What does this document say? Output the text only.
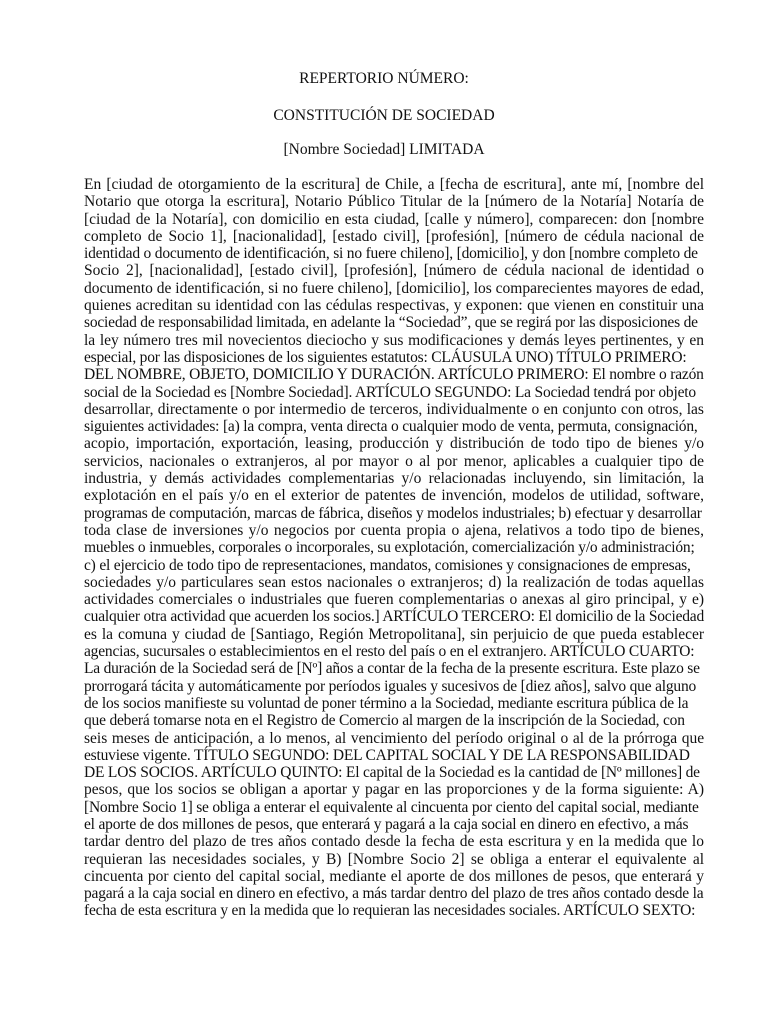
REPERTORIO NÚMERO:

CONSTITUCIÓN DE SOCIEDAD

[Nombre Sociedad] LIMITADA

En [ciudad de otorgamiento de la escritura] de Chile, a [fecha de escritura], ante mí, [nombre del
Notario que otorga la escritura], Notario Público Titular de la [número de la Notaría] Notaría de
[ciudad de la Notaría], con domicilio en esta ciudad, [calle y número], comparecen: don [nombre
completo de Socio 1], [nacionalidad], [estado civil], [profesión], [número de cédula nacional de
identidad o documento de identificación, si no fuere chileno], [domicilio], y don [nombre completo de
Socio 2], [nacionalidad], [estado civil], [profesión], [número de cédula nacional de identidad o
documento de identificación, si no fuere chileno], [domicilio], los comparecientes mayores de edad,
quienes acreditan su identidad con las cédulas respectivas, y exponen: que vienen en constituir una
sociedad de responsabilidad limitada, en adelante la “Sociedad”, que se regirá por las disposiciones de
la ley número tres mil novecientos dieciocho y sus modificaciones y demás leyes pertinentes, y en
especial, por las disposiciones de los siguientes estatutos: CLÁUSULA UNO) TÍTULO PRIMERO:
DEL NOMBRE, OBJETO, DOMICILIO Y DURACIÓN. ARTÍCULO PRIMERO: El nombre o razón
social de la Sociedad es [Nombre Sociedad]. ARTÍCULO SEGUNDO: La Sociedad tendrá por objeto
desarrollar, directamente o por intermedio de terceros, individualmente o en conjunto con otros, las
siguientes actividades: [a) la compra, venta directa o cualquier modo de venta, permuta, consignación,
acopio, importación, exportación, leasing, producción y distribución de todo tipo de bienes y/o
servicios, nacionales o extranjeros, al por mayor o al por menor, aplicables a cualquier tipo de
industria, y demás actividades complementarias y/o relacionadas incluyendo, sin limitación, la
explotación en el país y/o en el exterior de patentes de invención, modelos de utilidad, software,
programas de computación, marcas de fábrica, diseños y modelos industriales; b) efectuar y desarrollar
toda clase de inversiones y/o negocios por cuenta propia o ajena, relativos a todo tipo de bienes,
muebles o inmuebles, corporales o incorporales, su explotación, comercialización y/o administración;
c) el ejercicio de todo tipo de representaciones, mandatos, comisiones y consignaciones de empresas,
sociedades y/o particulares sean estos nacionales o extranjeros; d) la realización de todas aquellas
actividades comerciales o industriales que fueren complementarias o anexas al giro principal, y e)
cualquier otra actividad que acuerden los socios.] ARTÍCULO TERCERO: El domicilio de la Sociedad
es la comuna y ciudad de [Santiago, Región Metropolitana], sin perjuicio de que pueda establecer
agencias, sucursales o establecimientos en el resto del país o en el extranjero. ARTÍCULO CUARTO:
La duración de la Sociedad será de [Nº] años a contar de la fecha de la presente escritura. Este plazo se
prorrogará tácita y automáticamente por períodos iguales y sucesivos de [diez años], salvo que alguno
de los socios manifieste su voluntad de poner término a la Sociedad, mediante escritura pública de la
que deberá tomarse nota en el Registro de Comercio al margen de la inscripción de la Sociedad, con
seis meses de anticipación, a lo menos, al vencimiento del período original o al de la prórroga que
estuviese vigente. TÍTULO SEGUNDO: DEL CAPITAL SOCIAL Y DE LA RESPONSABILIDAD
DE LOS SOCIOS. ARTÍCULO QUINTO: El capital de la Sociedad es la cantidad de [Nº millones] de
pesos, que los socios se obligan a aportar y pagar en las proporciones y de la forma siguiente: A)
[Nombre Socio 1] se obliga a enterar el equivalente al cincuenta por ciento del capital social, mediante
el aporte de dos millones de pesos, que enterará y pagará a la caja social en dinero en efectivo, a más
tardar dentro del plazo de tres años contado desde la fecha de esta escritura y en la medida que lo
requieran las necesidades sociales, y B) [Nombre Socio 2] se obliga a enterar el equivalente al
cincuenta por ciento del capital social, mediante el aporte de dos millones de pesos, que enterará y
pagará a la caja social en dinero en efectivo, a más tardar dentro del plazo de tres años contado desde la
fecha de esta escritura y en la medida que lo requieran las necesidades sociales. ARTÍCULO SEXTO:
